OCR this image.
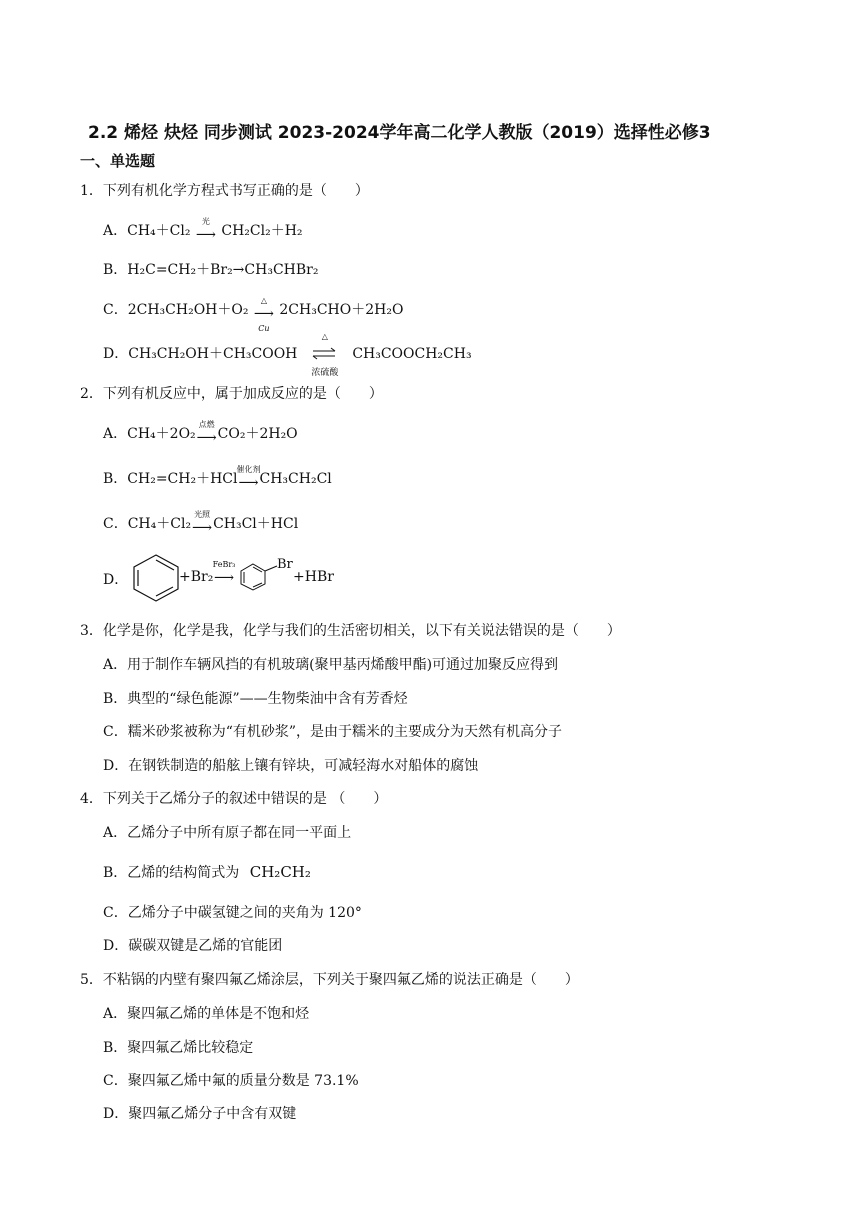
2.2 烯烃 炔烃 同步测试 2023-2024学年高二化学人教版（2019）选择性必修3
一、单选题
1．下列有机化学方程式书写正确的是（　　）
A．CH₄＋Cl₂
光
⟶ CH₂Cl₂＋H₂
B．H₂C=CH₂＋Br₂→CH₃CHBr₂
C．2CH₃CH₂OH＋O₂
△
⟶
Cu
2CH₃CHO＋2H₂O
D．CH₃CH₂OH＋CH₃COOH
△
浓硫酸
CH₃COOCH₂CH₃
2．下列有机反应中，属于加成反应的是（　　）
A．CH₄＋2O₂
点燃
⟶CO₂＋2H₂O
B．CH₂=CH₂＋HCl
催化剂
⟶CH₃CH₂Cl
C．CH₄＋Cl₂
光照
⟶CH₃Cl＋HCl
D．	+Br₂
FeBr₃
⟶
Br
+HBr
3．化学是你，化学是我，化学与我们的生活密切相关，以下有关说法错误的是（　　）
A．用于制作车辆风挡的有机玻璃(聚甲基丙烯酸甲酯)可通过加聚反应得到
B．典型的“绿色能源”——生物柴油中含有芳香烃
C．糯米砂浆被称为“有机砂浆”，是由于糯米的主要成分为天然有机高分子
D．在钢铁制造的船舷上镶有锌块，可减轻海水对船体的腐蚀
4．下列关于乙烯分子的叙述中错误的是 （　　）
A．乙烯分子中所有原子都在同一平面上
B．乙烯的结构简式为 CH₂CH₂
C．乙烯分子中碳氢键之间的夹角为 120°
D．碳碳双键是乙烯的官能团
5．不粘锅的内壁有聚四氟乙烯涂层，下列关于聚四氟乙烯的说法正确是（　　）
A．聚四氟乙烯的单体是不饱和烃
B．聚四氟乙烯比较稳定
C．聚四氟乙烯中氟的质量分数是 73.1%
D．聚四氟乙烯分子中含有双键
